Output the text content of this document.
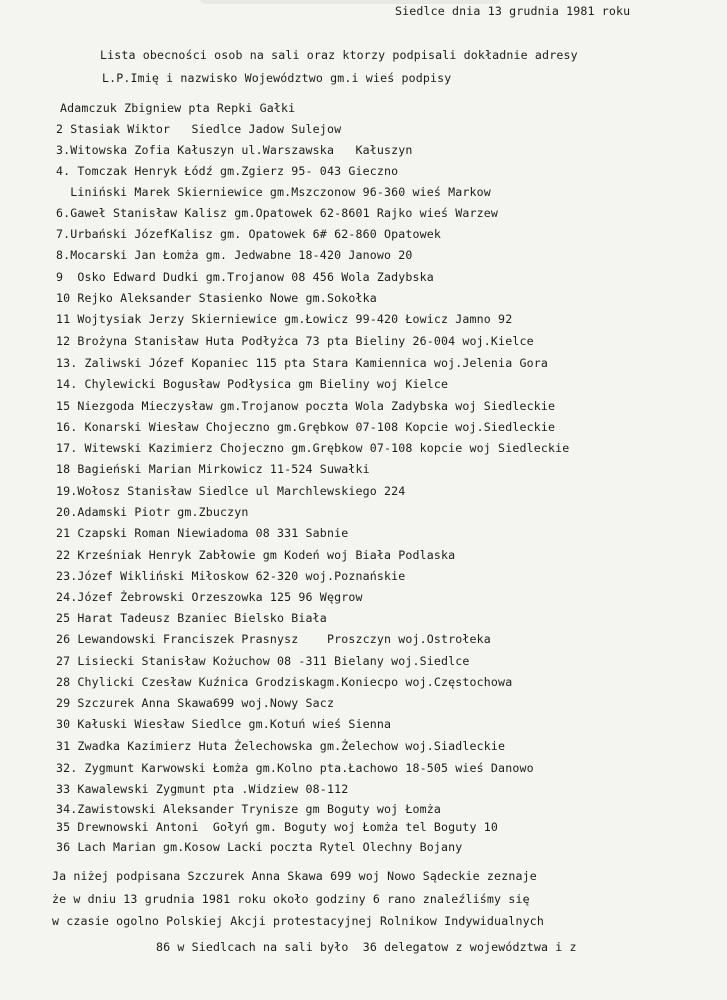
Siedlce dnia 13 grudnia 1981 roku
Lista obecności osob na sali oraz ktorzy podpisali dokładnie adresy
L.P.Imię i nazwisko Województwo gm.i wieś podpisy
Adamczuk Zbigniew pta Repki Gałki
2 Stasiak Wiktor   Siedlce Jadow Sulejow
3.Witowska Zofia Kałuszyn ul.Warszawska   Kałuszyn
4. Tomczak Henryk Łódź gm.Zgierz 95- 043 Gieczno
Liniński Marek Skierniewice gm.Mszczonow 96-360 wieś Markow
6.Gaweł Stanisław Kalisz gm.Opatowek 62-8601 Rajko wieś Warzew
7.Urbański JózefKalisz gm. Opatowek 6# 62-860 Opatowek
8.Mocarski Jan Łomża gm. Jedwabne 18-420 Janowo 20
9  Osko Edward Dudki gm.Trojanow 08 456 Wola Zadybska
10 Rejko Aleksander Stasienko Nowe gm.Sokołka
11 Wojtysiak Jerzy Skierniewice gm.Łowicz 99-420 Łowicz Jamno 92
12 Brożyna Stanisław Huta Podłyżca 73 pta Bieliny 26-004 woj.Kielce
13. Zaliwski Józef Kopaniec 115 pta Stara Kamiennica woj.Jelenia Gora
14. Chylewicki Bogusław Podłysica gm Bieliny woj Kielce
15 Niezgoda Mieczysław gm.Trojanow poczta Wola Zadybska woj Siedleckie
16. Konarski Wiesław Chojeczno gm.Grębkow 07-108 Kopcie woj.Siedleckie
17. Witewski Kazimierz Chojeczno gm.Grębkow 07-108 kopcie woj Siedleckie
18 Bagieński Marian Mirkowicz 11-524 Suwałki
19.Wołosz Stanisław Siedlce ul Marchlewskiego 224
20.Adamski Piotr gm.Zbuczyn
21 Czapski Roman Niewiadoma 08 331 Sabnie
22 Krześniak Henryk Zabłowie gm Kodeń woj Biała Podlaska
23.Józef Wikliński Miłoskow 62-320 woj.Poznańskie
24.Józef Żebrowski Orzeszowka 125 96 Węgrow
25 Harat Tadeusz Bzaniec Bielsko Biała
26 Lewandowski Franciszek Prasnysz    Proszczyn woj.Ostrołeka
27 Lisiecki Stanisław Kożuchow 08 -311 Bielany woj.Siedlce
28 Chylicki Czesław Kuźnica Grodziskagm.Koniecpo woj.Częstochowa
29 Szczurek Anna Skawa699 woj.Nowy Sacz
30 Kałuski Wiesław Siedlce gm.Kotuń wieś Sienna
31 Zwadka Kazimierz Huta Żelechowska gm.Żelechow woj.Siadleckie
32. Zygmunt Karwowski Łomża gm.Kolno pta.Łachowo 18-505 wieś Danowo
33 Kawalewski Zygmunt pta .Widziew 08-112
34.Zawistowski Aleksander Trynisze gm Boguty woj Łomża
35 Drewnowski Antoni  Gołyń gm. Boguty woj Łomża tel Boguty 10
36 Lach Marian gm.Kosow Lacki poczta Rytel Olechny Bojany
Ja niżej podpisana Szczurek Anna Skawa 699 woj Nowo Sądeckie zeznaje
że w dniu 13 grudnia 1981 roku około godziny 6 rano znaleźliśmy się
w czasie ogolno Polskiej Akcji protestacyjnej Rolnikow Indywidualnych
86 w Siedlcach na sali było  36 delegatow z województwa i z
